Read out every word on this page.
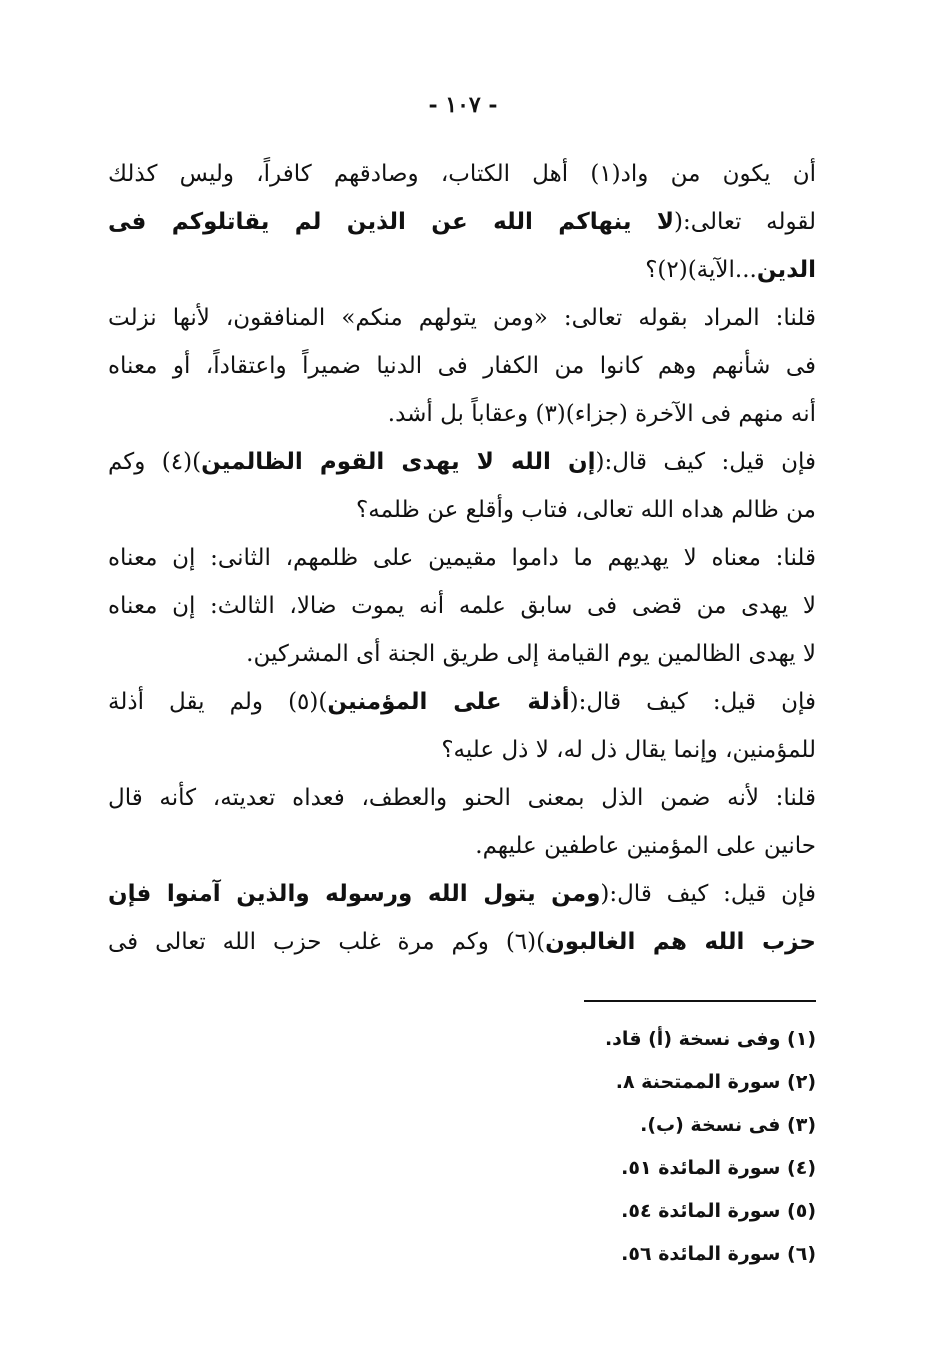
- ١٠٧ -
أن يكون من واد(١) أهل الكتاب، وصادقهم كافراً، وليس كذلك
لقوله تعالى:(لا ينهاكم الله عن الذين لم يقاتلوكم فى
الدين...الآية)(٢)؟
قلنا: المراد بقوله تعالى: «ومن يتولهم منكم» المنافقون، لأنها نزلت
فى شأنهم وهم كانوا من الكفار فى الدنيا ضميراً واعتقاداً، أو معناه
أنه منهم فى الآخرة (جزاء)(٣) وعقاباً بل أشد.
فإن قيل: كيف قال:(إن الله لا يهدى القوم الظالمين)(٤) وكم
من ظالم هداه الله تعالى، فتاب وأقلع عن ظلمه؟
قلنا: معناه لا يهديهم ما داموا مقيمين على ظلمهم، الثانى: إن معناه
لا يهدى من قضى فى سابق علمه أنه يموت ضالا، الثالث: إن معناه
لا يهدى الظالمين يوم القيامة إلى طريق الجنة أى المشركين.
فإن قيل: كيف قال:(أذلة على المؤمنين)(٥) ولم يقل أذلة
للمؤمنين، وإنما يقال ذل له، لا ذل عليه؟
قلنا: لأنه ضمن الذل بمعنى الحنو والعطف، فعداه تعديته، كأنه قال
حانين على المؤمنين عاطفين عليهم.
فإن قيل: كيف قال:(ومن يتول الله ورسوله والذين آمنوا فإن
حزب الله هم الغالبون)(٦) وكم مرة غلب حزب الله تعالى فى
(١) وفى نسخة (أ) قاد.
(٢) سورة الممتحنة ٨.
(٣) فى نسخة (ب).
(٤) سورة المائدة ٥١.
(٥) سورة المائدة ٥٤.
(٦) سورة المائدة ٥٦.
